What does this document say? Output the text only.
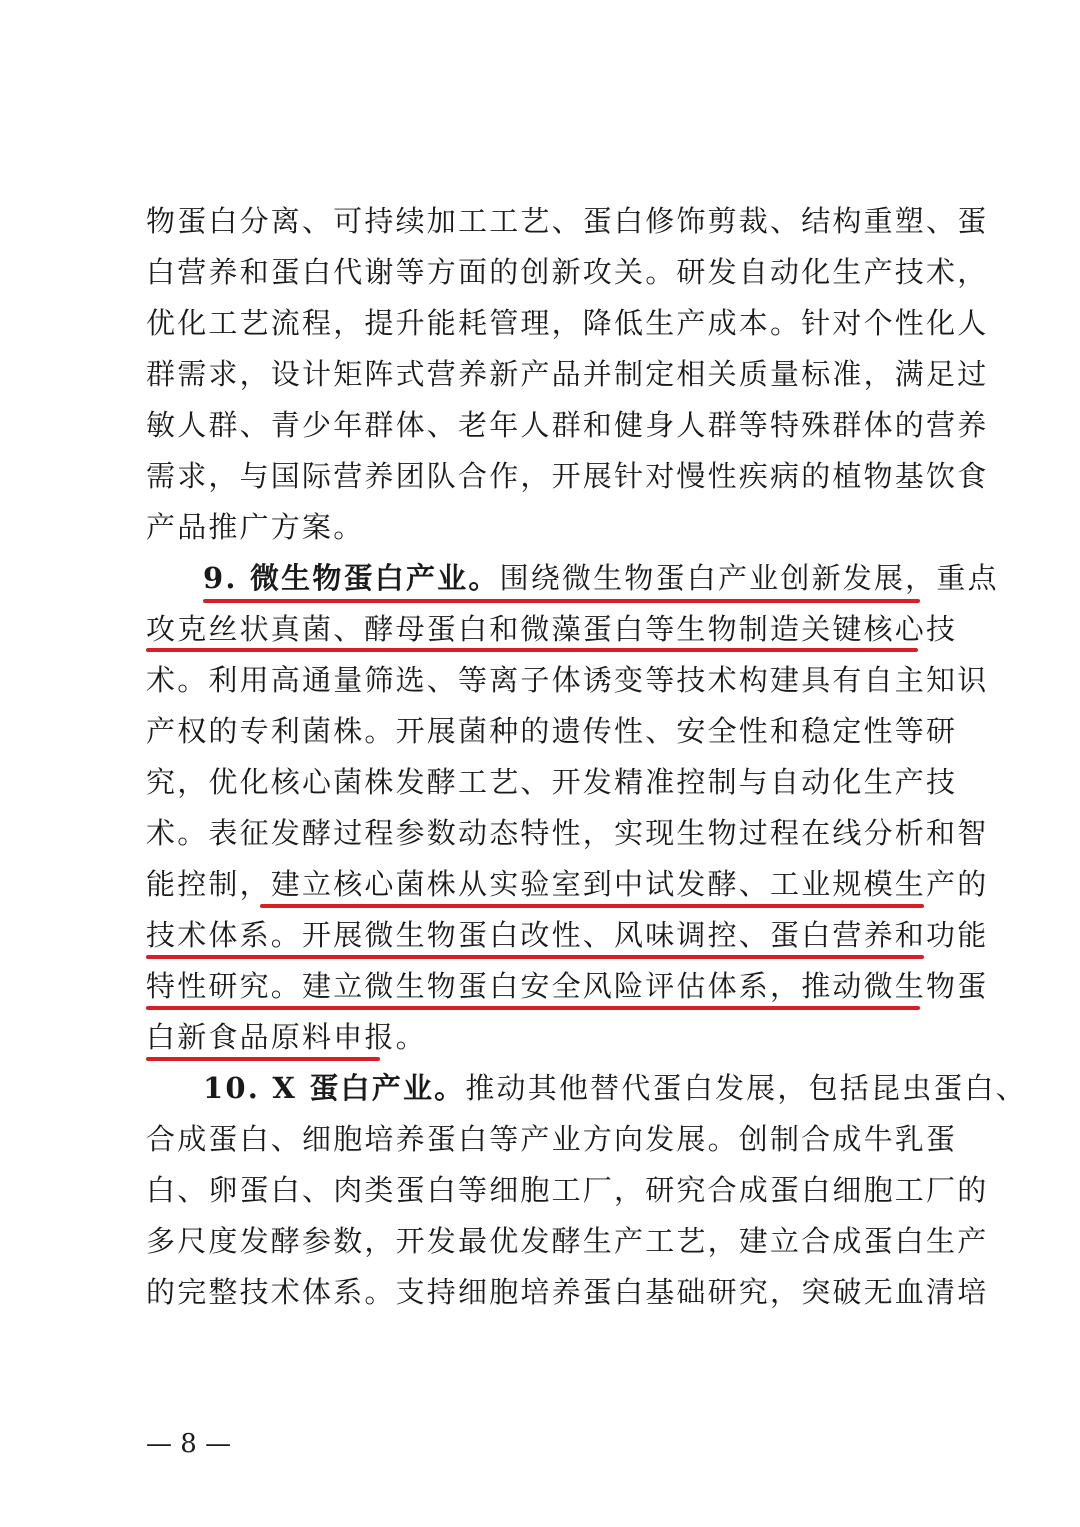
物蛋白分离、可持续加工工艺、蛋白修饰剪裁、结构重塑、蛋
白营养和蛋白代谢等方面的创新攻关。研发自动化生产技术，
优化工艺流程，提升能耗管理，降低生产成本。针对个性化人
群需求，设计矩阵式营养新产品并制定相关质量标准，满足过
敏人群、青少年群体、老年人群和健身人群等特殊群体的营养
需求，与国际营养团队合作，开展针对慢性疾病的植物基饮食
产品推广方案。
9. 微生物蛋白产业。围绕微生物蛋白产业创新发展，重点
攻克丝状真菌、酵母蛋白和微藻蛋白等生物制造关键核心技
术。利用高通量筛选、等离子体诱变等技术构建具有自主知识
产权的专利菌株。开展菌种的遗传性、安全性和稳定性等研
究，优化核心菌株发酵工艺、开发精准控制与自动化生产技
术。表征发酵过程参数动态特性，实现生物过程在线分析和智
能控制，建立核心菌株从实验室到中试发酵、工业规模生产的
技术体系。开展微生物蛋白改性、风味调控、蛋白营养和功能
特性研究。建立微生物蛋白安全风险评估体系，推动微生物蛋
白新食品原料申报。
10. X 蛋白产业。推动其他替代蛋白发展，包括昆虫蛋白、
合成蛋白、细胞培养蛋白等产业方向发展。创制合成牛乳蛋
白、卵蛋白、肉类蛋白等细胞工厂，研究合成蛋白细胞工厂的
多尺度发酵参数，开发最优发酵生产工艺，建立合成蛋白生产
的完整技术体系。支持细胞培养蛋白基础研究，突破无血清培
— 8 —
